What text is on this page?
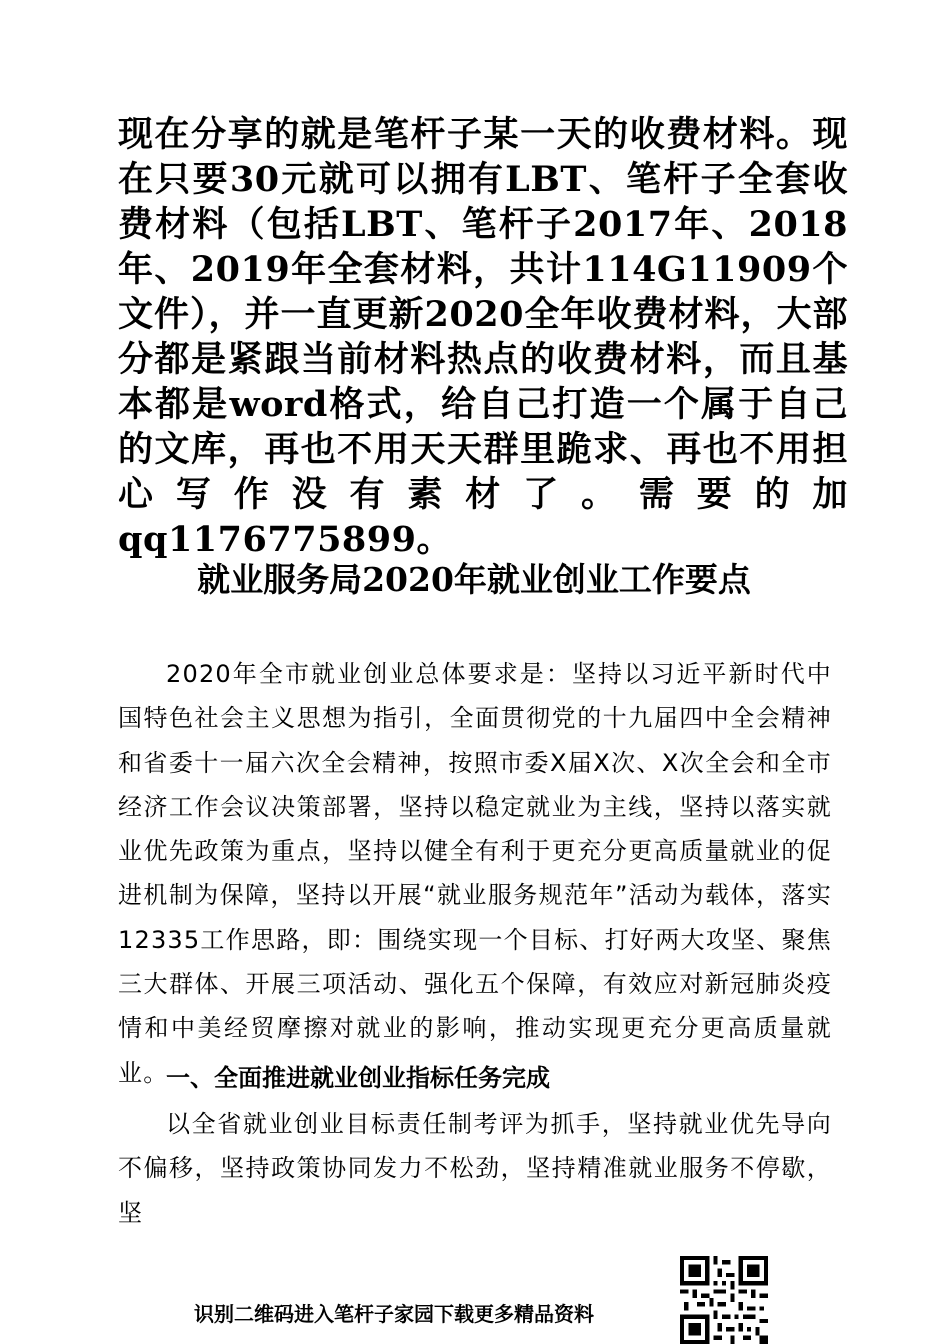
现在分享的就是笔杆子某一天的收费材料。现在只要30元就可以拥有LBT、笔杆子全套收费材料（包括LBT、笔杆子2017年、2018年、2019年全套材料，共计114G11909个文件），并一直更新2020全年收费材料，大部分都是紧跟当前材料热点的收费材料，而且基本都是word格式，给自己打造一个属于自己的文库，再也不用天天群里跪求、再也不用担心写作没有素材了。需要的加qq1176775899。
就业服务局2020年就业创业工作要点

2020年全市就业创业总体要求是：坚持以习近平新时代中国特色社会主义思想为指引，全面贯彻党的十九届四中全会精神和省委十一届六次全会精神，按照市委X届X次、X次全会和全市经济工作会议决策部署，坚持以稳定就业为主线，坚持以落实就业优先政策为重点，坚持以健全有利于更充分更高质量就业的促进机制为保障，坚持以开展“就业服务规范年”活动为载体，落实12335工作思路，即：围绕实现一个目标、打好两大攻坚、聚焦三大群体、开展三项活动、强化五个保障，有效应对新冠肺炎疫情和中美经贸摩擦对就业的影响，推动实现更充分更高质量就业。

一、全面推进就业创业指标任务完成

以全省就业创业目标责任制考评为抓手，坚持就业优先导向不偏移，坚持政策协同发力不松劲，坚持精准就业服务不停歇，坚

识别二维码进入笔杆子家园下载更多精品资料
